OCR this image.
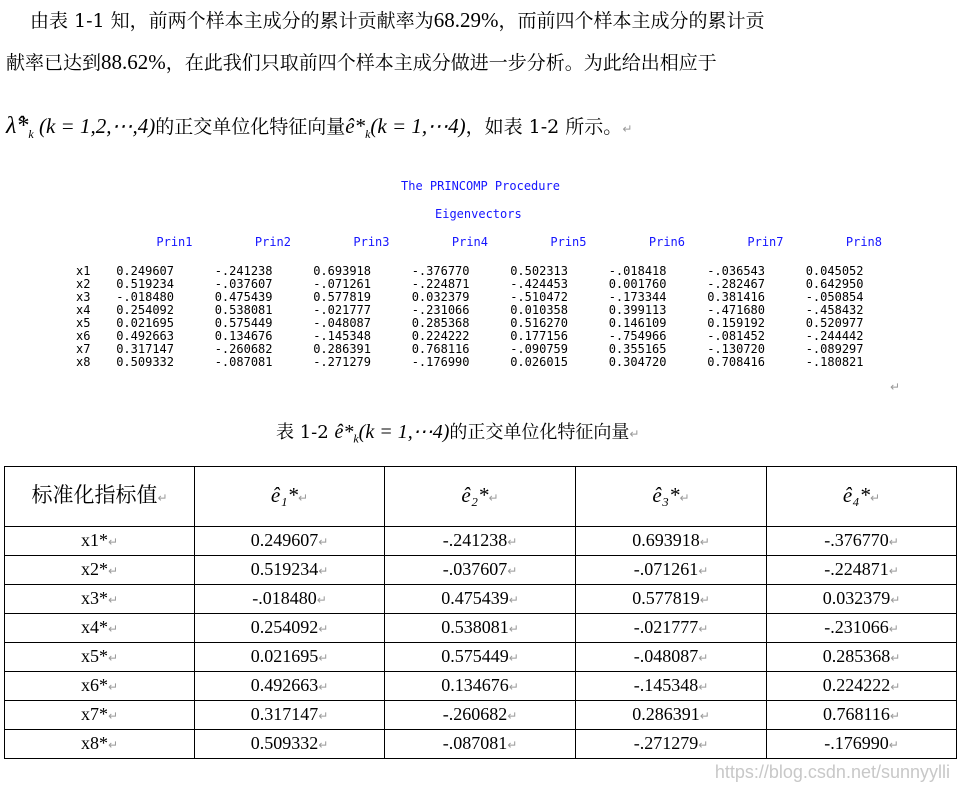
由表 1-1 知，前两个样本主成分的累计贡献率为68.29%，而前四个样本主成分的累计贡
献率已达到88.62%，在此我们只取前四个样本主成分做进一步分析。为此给出相应于
$\lambdâ*_k$ (k = 1,2,⋯,4)的正交单位化特征向量$ê*_k(k$ = 1,⋯4)，如表 1-2 所示。↵
The PRINCOMP Procedure
Eigenvectors
Prin1	Prin2	Prin3	Prin4	Prin5	Prin6	Prin7	Prin8
x1	0.249607	-.241238	0.693918	-.376770	0.502313	-.018418	-.036543	0.045052
x2	0.519234	-.037607	-.071261	-.224871	-.424453	0.001760	-.282467	0.642950
x3	-.018480	0.475439	0.577819	0.032379	-.510472	-.173344	0.381416	-.050854
x4	0.254092	0.538081	-.021777	-.231066	0.010358	0.399113	-.471680	-.458432
x5	0.021695	0.575449	-.048087	0.285368	0.516270	0.146109	0.159192	0.520977
x6	0.492663	0.134676	-.145348	0.224222	0.177156	-.754966	-.081452	-.244442
x7	0.317147	-.260682	0.286391	0.768116	-.090759	0.355165	-.130720	-.089297
x8	0.509332	-.087081	-.271279	-.176990	0.026015	0.304720	0.708416	-.180821
↵
表 1-2 $ê*_k(k$ = 1,⋯4)的正交单位化特征向量↵
标准化指标值↵	ê₁*↵	ê₂*↵	ê₃*↵	ê₄*↵
x1*↵	0.249607↵	-.241238↵	0.693918↵	-.376770↵
x2*↵	0.519234↵	-.037607↵	-.071261↵	-.224871↵
x3*↵	-.018480↵	0.475439↵	0.577819↵	0.032379↵
x4*↵	0.254092↵	0.538081↵	-.021777↵	-.231066↵
x5*↵	0.021695↵	0.575449↵	-.048087↵	0.285368↵
x6*↵	0.492663↵	0.134676↵	-.145348↵	0.224222↵
x7*↵	0.317147↵	-.260682↵	0.286391↵	0.768116↵
x8*↵	0.509332↵	-.087081↵	-.271279↵	-.176990↵
https://blog.csdn.net/sunnyylli
